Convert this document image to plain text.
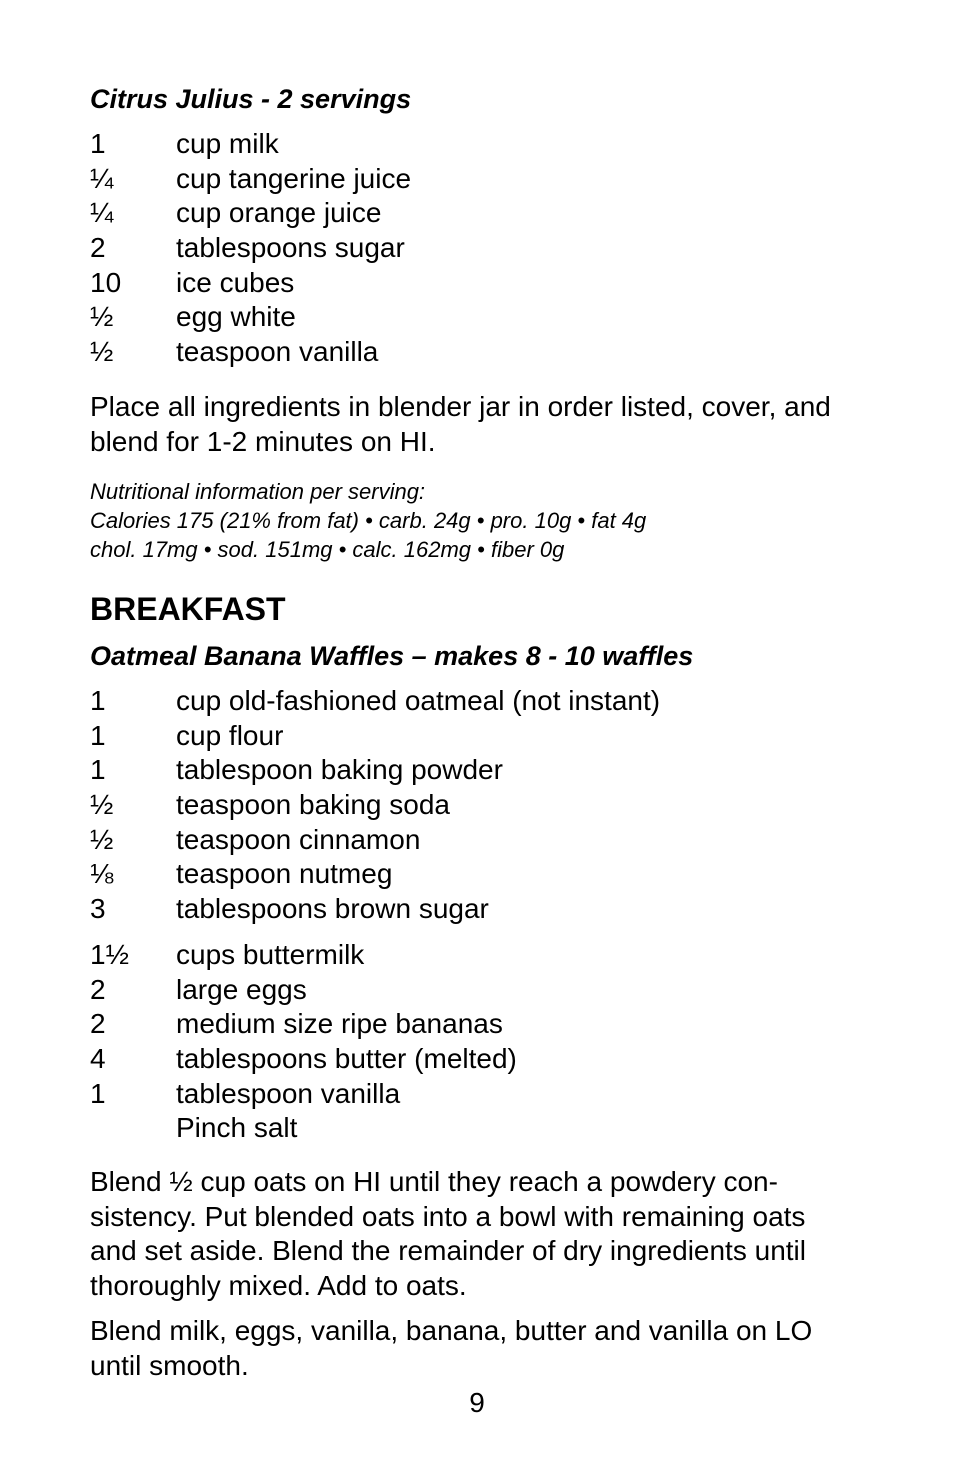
Citrus Julius - 2 servings
1	cup milk
¼	cup tangerine juice
¼	cup orange juice
2	tablespoons sugar
10	ice cubes
½	egg white
½	teaspoon vanilla
Place all ingredients in blender jar in order listed, cover, and
blend for 1-2 minutes on HI.
Nutritional information per serving:
Calories 175 (21% from fat) • carb. 24g • pro. 10g • fat 4g
chol. 17mg • sod. 151mg • calc. 162mg • fiber 0g
BREAKFAST
Oatmeal Banana Waffles – makes 8 - 10 waffles
1	cup old-fashioned oatmeal (not instant)
1	cup flour
1	tablespoon baking powder
½	teaspoon baking soda
½	teaspoon cinnamon
⅛	teaspoon nutmeg
3	tablespoons brown sugar
1½	cups buttermilk
2	large eggs
2	medium size ripe bananas
4	tablespoons butter (melted)
1	tablespoon vanilla
Pinch salt
Blend ½ cup oats on HI until they reach a powdery con-
sistency. Put blended oats into a bowl with remaining oats
and set aside. Blend the remainder of dry ingredients until
thoroughly mixed. Add to oats.
Blend milk, eggs, vanilla, banana, butter and vanilla on LO
until smooth.
9
